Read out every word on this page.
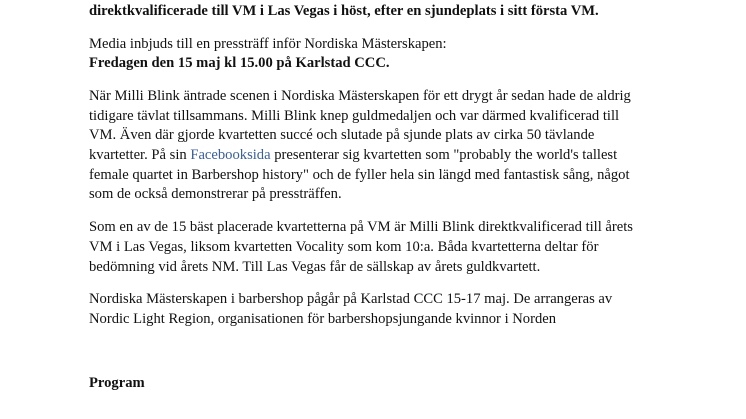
direktkvalificerade till VM i Las Vegas i höst, efter en sjundeplats i sitt första VM.
Media inbjuds till en pressträff inför Nordiska Mästerskapen:
Fredagen den 15 maj kl 15.00 på Karlstad CCC.
När Milli Blink äntrade scenen i Nordiska Mästerskapen för ett drygt år sedan hade de aldrig
tidigare tävlat tillsammans. Milli Blink knep guldmedaljen och var därmed kvalificerad till
VM. Även där gjorde kvartetten succé och slutade på sjunde plats av cirka 50 tävlande
kvartetter. På sin Facebooksida presenterar sig kvartetten som "probably the world's tallest
female quartet in Barbershop history" och de fyller hela sin längd med fantastisk sång, något
som de också demonstrerar på pressträffen.
Som en av de 15 bäst placerade kvartetterna på VM är Milli Blink direktkvalificerad till årets
VM i Las Vegas, liksom kvartetten Vocality som kom 10:a. Båda kvartetterna deltar för
bedömning vid årets NM. Till Las Vegas får de sällskap av årets guldkvartett.
Nordiska Mästerskapen i barbershop pågår på Karlstad CCC 15-17 maj. De arrangeras av
Nordic Light Region, organisationen för barbershopsjungande kvinnor i Norden
Program
